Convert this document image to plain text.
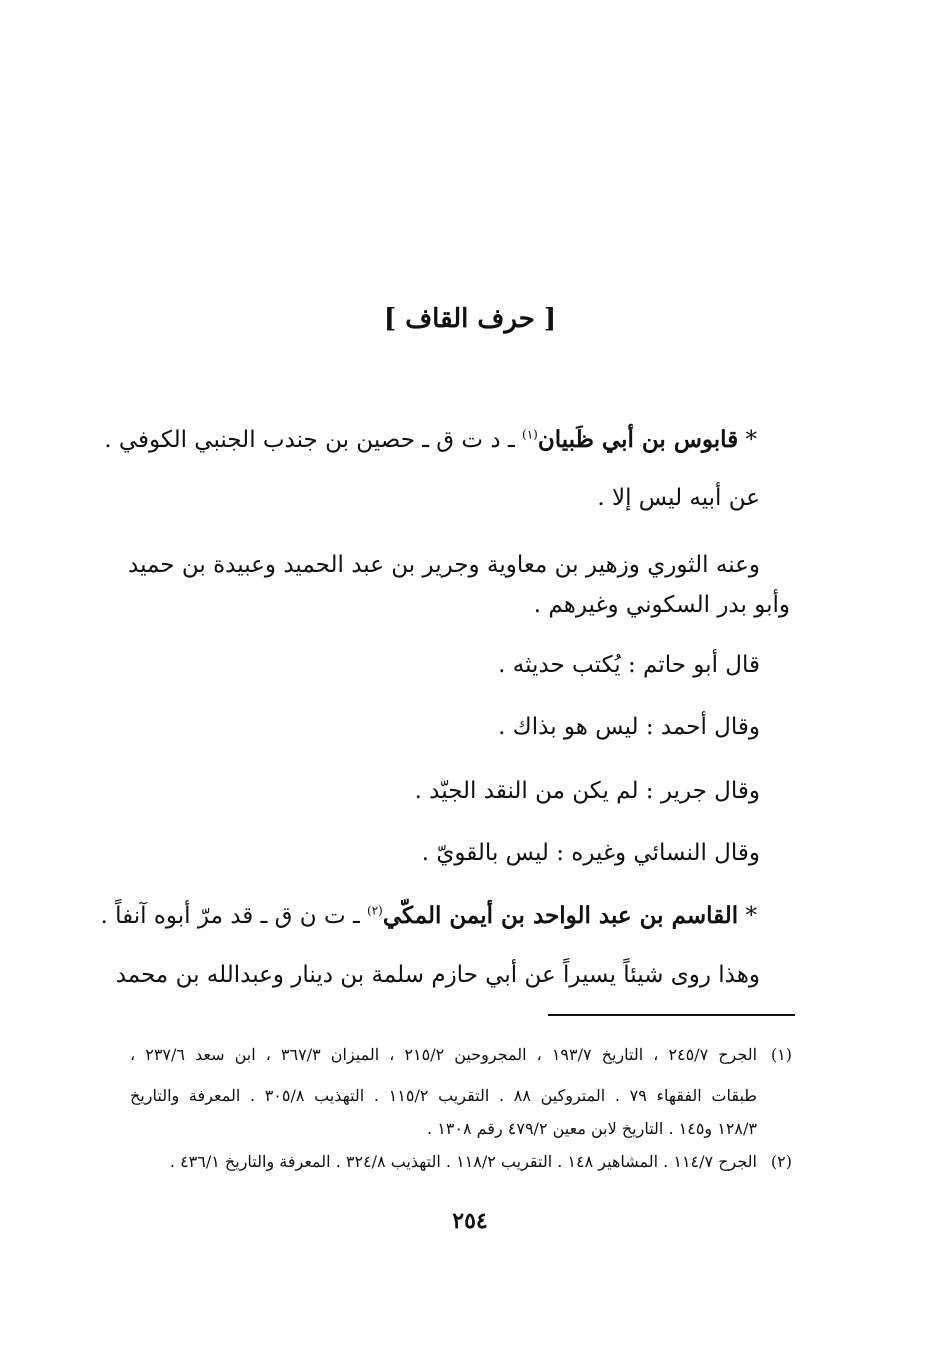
[ حرف القاف ]
* قابوس بن أبي ظَبيان$^{(١)}$ ـ د ت ق ـ حصين بن جندب الجنبي الكوفي .
عن أبيه ليس إلا .
وعنه الثوري وزهير بن معاوية وجرير بن عبد الحميد وعبيدة بن حميد
وأبو بدر السكوني وغيرهم .
قال أبو حاتم : يُكتب حديثه .
وقال أحمد : ليس هو بذاك .
وقال جرير : لم يكن من النقد الجيّد .
وقال النسائي وغيره : ليس بالقويّ .
* القاسم بن عبد الواحد بن أيمن المكّي$^{(٢)}$ ـ ت ن ق ـ قد مرّ أبوه آنفاً .
وهذا روى شيئاً يسيراً عن أبي حازم سلمة بن دينار وعبدالله بن محمد
(١)
الجرح ٢٤٥/٧ ، التاريخ ١٩٣/٧ ، المجروحين ٢١٥/٢ ، الميزان ٣٦٧/٣ ، ابن سعد ٢٣٧/٦ ،
طبقات الفقهاء ٧٩ . المتروكين ٨٨ . التقريب ١١٥/٢ . التهذيب ٣٠٥/٨ . المعرفة والتاريخ
١٢٨/٣ و١٤٥ . التاريخ لابن معين ٤٧٩/٢ رقم ١٣٠٨ .
(٢)
الجرح ١١٤/٧ . المشاهير ١٤٨ . التقريب ١١٨/٢ . التهذيب ٣٢٤/٨ . المعرفة والتاريخ ٤٣٦/١ .
٢٥٤
